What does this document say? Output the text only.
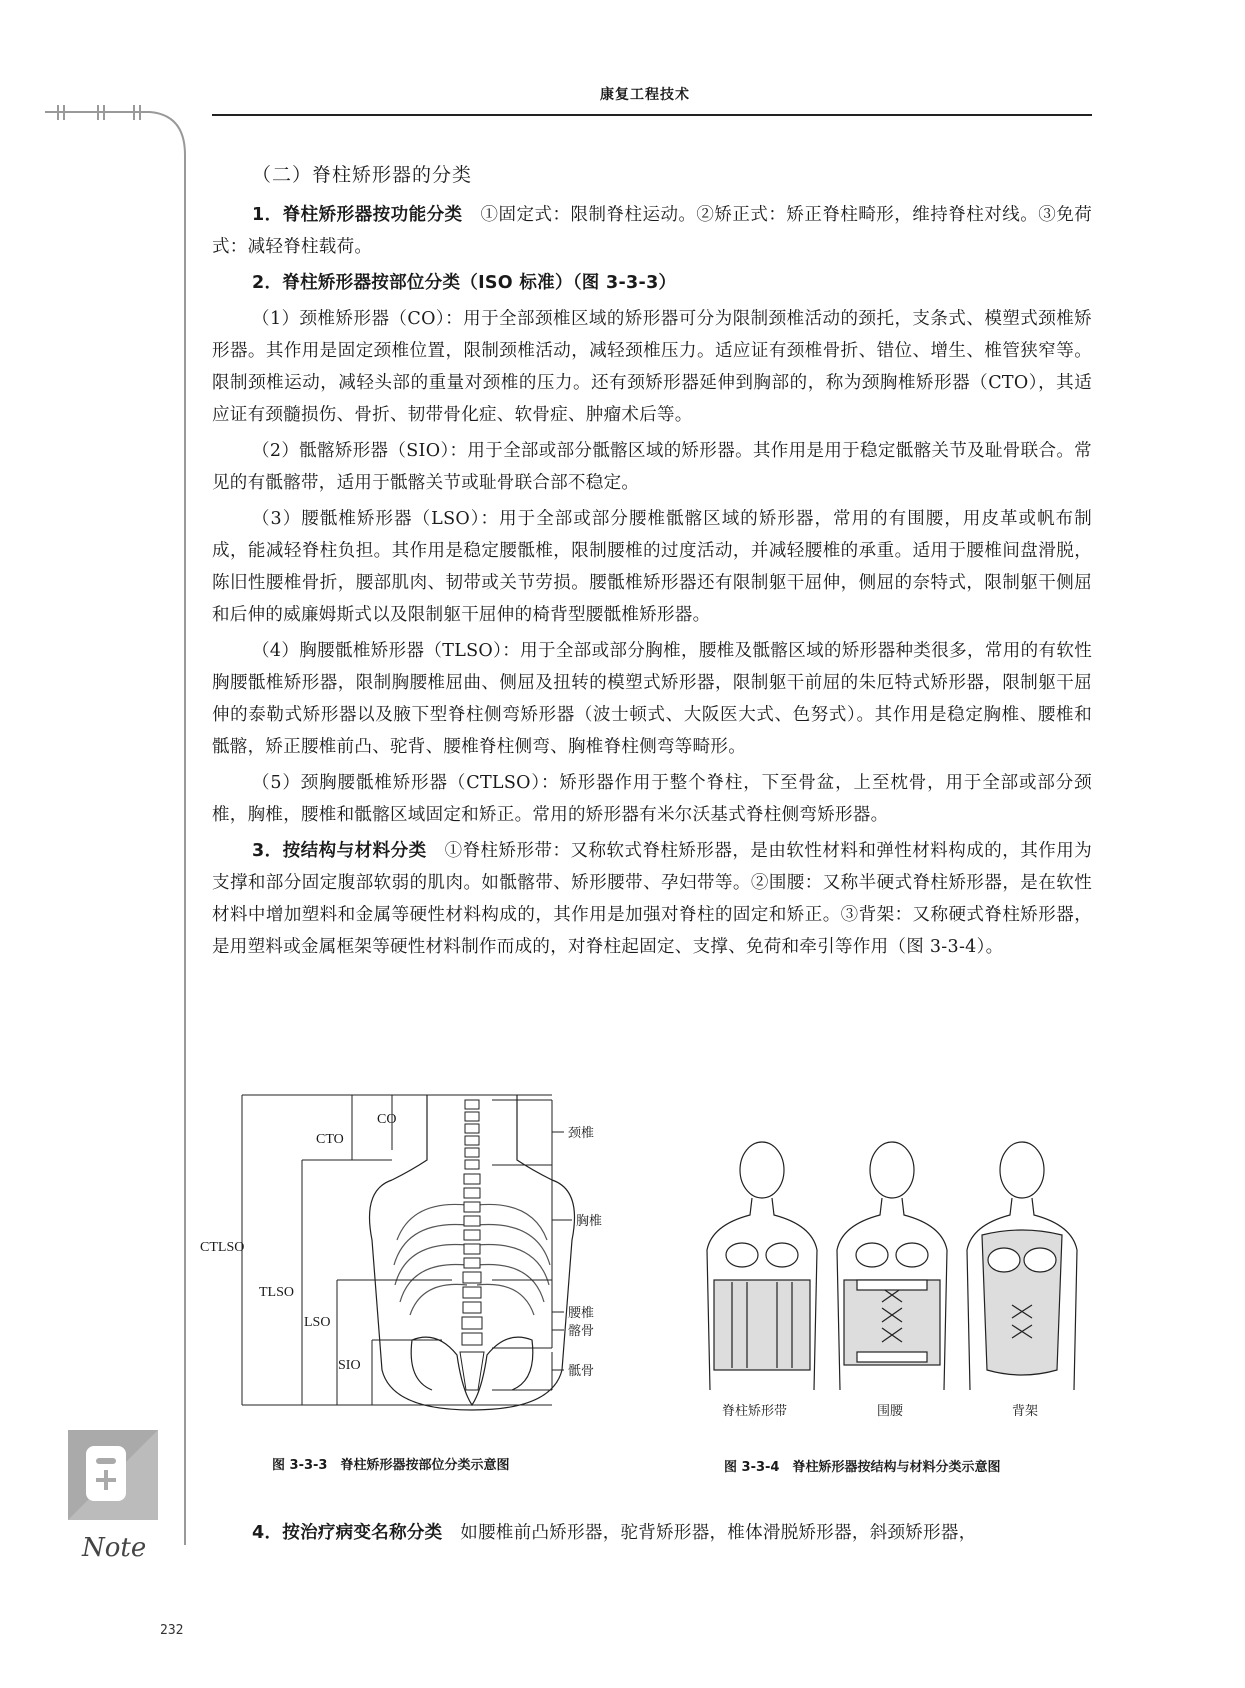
康复工程技术
（二）脊柱矫形器的分类

1．脊柱矫形器按功能分类　 ①固定式：限制脊柱运动。②矫正式：矫正脊柱畸形，维持脊柱对线。③免荷式：减轻脊柱载荷。

2．脊柱矫形器按部位分类（ISO 标准）（图 3-3-3）

（1）颈椎矫形器（CO）：用于全部颈椎区域的矫形器可分为限制颈椎活动的颈托，支条式、模塑式颈椎矫形器。其作用是固定颈椎位置，限制颈椎活动，减轻颈椎压力。适应证有颈椎骨折、错位、增生、椎管狭窄等。限制颈椎运动，减轻头部的重量对颈椎的压力。还有颈矫形器延伸到胸部的，称为颈胸椎矫形器（CTO），其适应证有颈髓损伤、骨折、韧带骨化症、软骨症、肿瘤术后等。

（2）骶髂矫形器（SIO）：用于全部或部分骶髂区域的矫形器。其作用是用于稳定骶髂关节及耻骨联合。常见的有骶髂带，适用于骶髂关节或耻骨联合部不稳定。

（3）腰骶椎矫形器（LSO）：用于全部或部分腰椎骶髂区域的矫形器，常用的有围腰，用皮革或帆布制成，能减轻脊柱负担。其作用是稳定腰骶椎，限制腰椎的过度活动，并减轻腰椎的承重。适用于腰椎间盘滑脱，陈旧性腰椎骨折，腰部肌肉、韧带或关节劳损。腰骶椎矫形器还有限制躯干屈伸，侧屈的奈特式，限制躯干侧屈和后伸的威廉姆斯式以及限制躯干屈伸的椅背型腰骶椎矫形器。

（4）胸腰骶椎矫形器（TLSO）：用于全部或部分胸椎，腰椎及骶髂区域的矫形器种类很多，常用的有软性胸腰骶椎矫形器，限制胸腰椎屈曲、侧屈及扭转的模塑式矫形器，限制躯干前屈的朱厄特式矫形器，限制躯干屈伸的泰勒式矫形器以及腋下型脊柱侧弯矫形器（波士顿式、大阪医大式、色努式）。其作用是稳定胸椎、腰椎和骶髂，矫正腰椎前凸、驼背、腰椎脊柱侧弯、胸椎脊柱侧弯等畸形。

（5）颈胸腰骶椎矫形器（CTLSO）：矫形器作用于整个脊柱，下至骨盆，上至枕骨，用于全部或部分颈椎，胸椎，腰椎和骶髂区域固定和矫正。常用的矫形器有米尔沃基式脊柱侧弯矫形器。

3．按结构与材料分类　 ①脊柱矫形带：又称软式脊柱矫形器，是由软性材料和弹性材料构成的，其作用为支撑和部分固定腹部软弱的肌肉。如骶髂带、矫形腰带、孕妇带等。②围腰：又称半硬式脊柱矫形器，是在软性材料中增加塑料和金属等硬性材料构成的，其作用是加强对脊柱的固定和矫正。③背架：又称硬式脊柱矫形器，是用塑料或金属框架等硬性材料制作而成的，对脊柱起固定、支撑、免荷和牵引等作用（图 3-3-4）。

CO
CTO
CTLSO
TLSO
LSO
SIO
颈椎
胸椎
腰椎
髂骨
骶骨
图 3-3-3　脊柱矫形器按部位分类示意图
脊柱矫形带	围腰	背架
图 3-3-4　脊柱矫形器按结构与材料分类示意图

4．按治疗病变名称分类　 如腰椎前凸矫形器，驼背矫形器，椎体滑脱矫形器，斜颈矫形器，

Note
232
